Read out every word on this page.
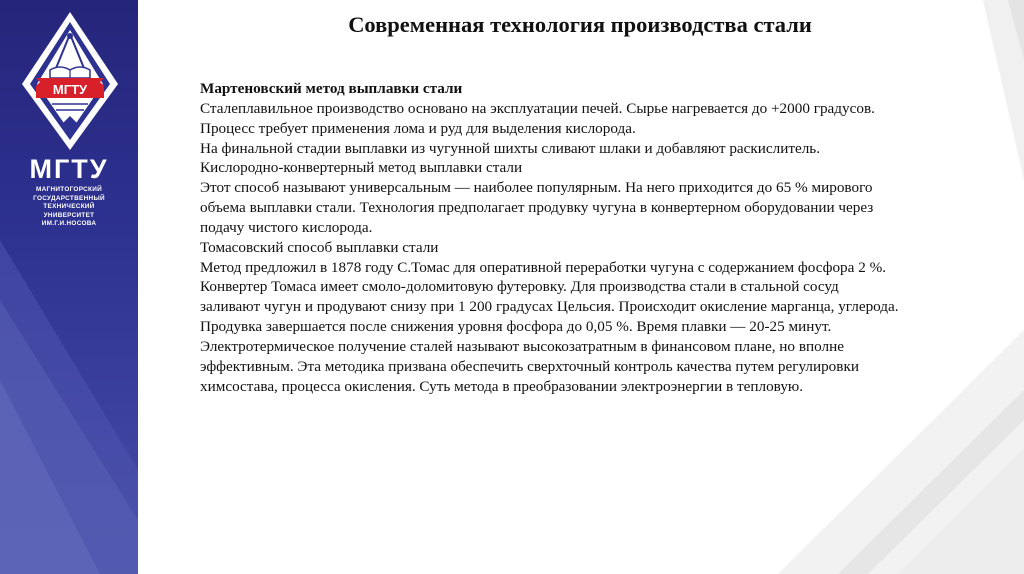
МГТУ
МГТУ
МАГНИТОГОРСКИЙ
ГОСУДАРСТВЕННЫЙ
ТЕХНИЧЕСКИЙ
УНИВЕРСИТЕТ
ИМ.Г.И.НОСОВА
Современная технология производства стали
Мартеновский метод выплавки стали
Сталеплавильное производство основано на эксплуатации печей. Сырье нагревается до +2000 градусов.
Процесс требует применения лома и руд для выделения кислорода.
На финальной стадии выплавки из чугунной шихты сливают шлаки и добавляют раскислитель.
Кислородно-конвертерный метод выплавки стали
Этот способ называют универсальным — наиболее популярным. На него приходится до 65 % мирового
объема выплавки стали. Технология предполагает продувку чугуна в конвертерном оборудовании через
подачу чистого кислорода.
Томасовский способ выплавки стали
Метод предложил в 1878 году С.Томас для оперативной переработки чугуна с содержанием фосфора 2 %.
Конвертер Томаса имеет смоло-доломитовую футеровку. Для производства стали в стальной сосуд
заливают чугун и продувают снизу при 1 200 градусах Цельсия. Происходит окисление марганца, углерода.
Продувка завершается после снижения уровня фосфора до 0,05 %. Время плавки — 20-25 минут.
Электротермическое получение сталей называют высокозатратным в финансовом плане, но вполне
эффективным. Эта методика призвана обеспечить сверхточный контроль качества путем регулировки
химсостава, процесса окисления. Суть метода в преобразовании электроэнергии в тепловую.
